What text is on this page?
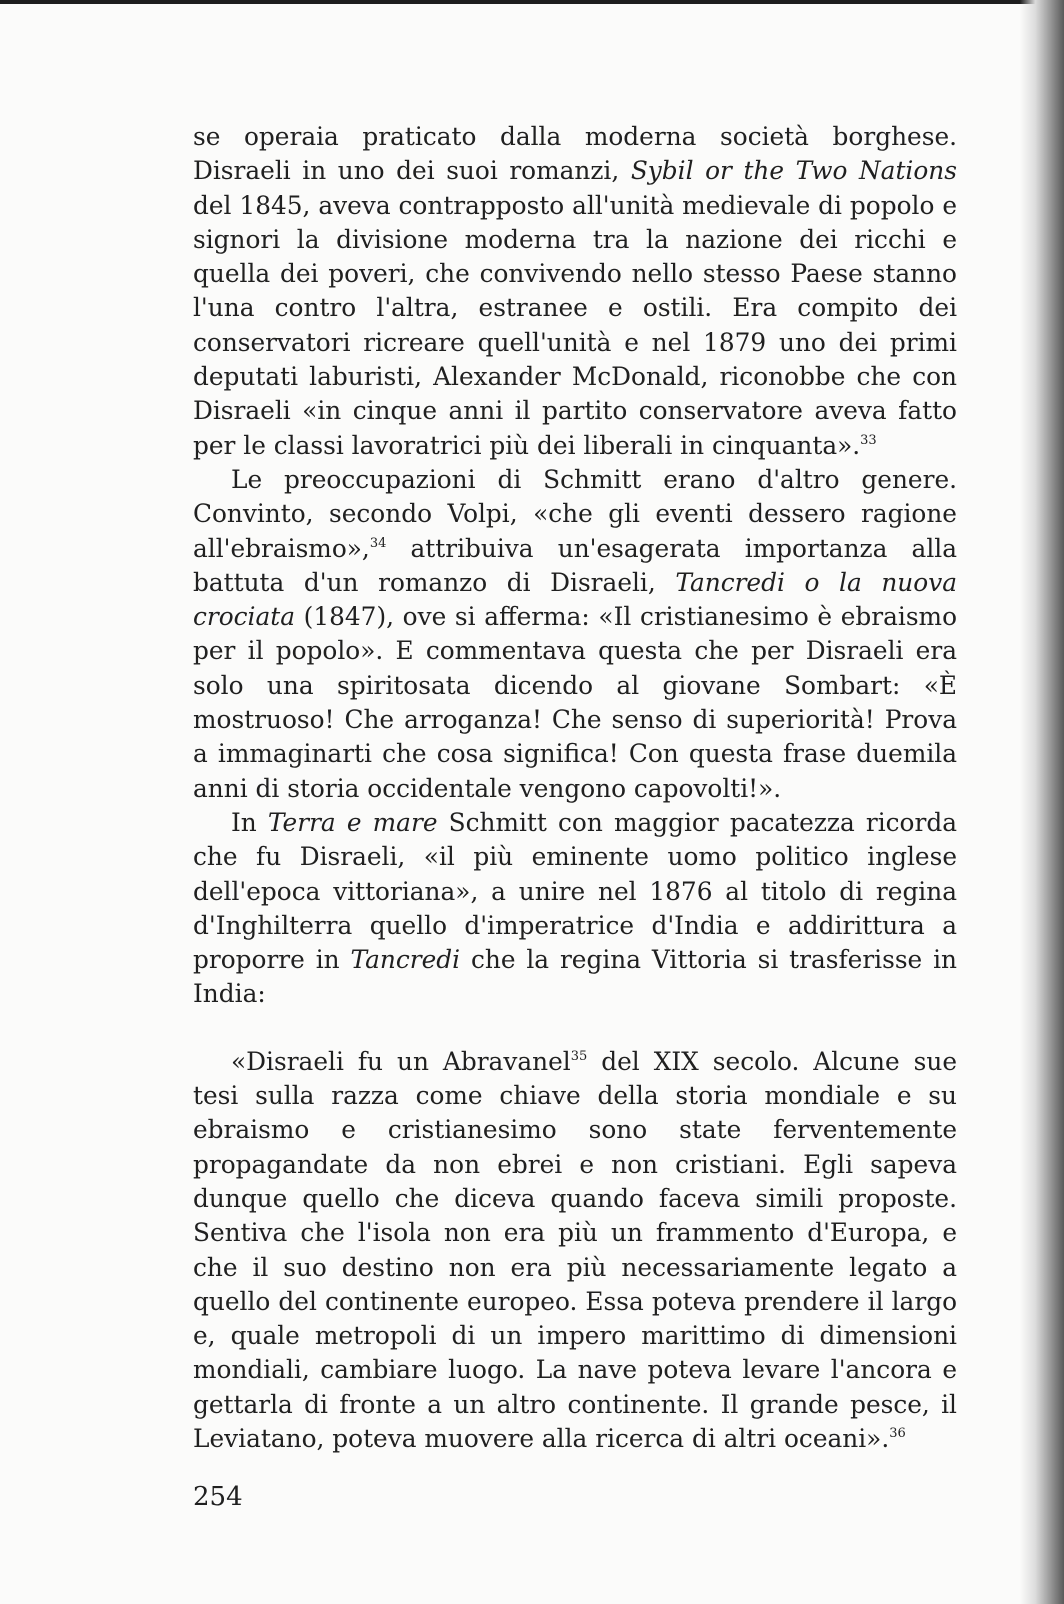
se operaia praticato dalla moderna società borghese. Disraeli in uno dei suoi romanzi, Sybil or the Two Nations del 1845, aveva contrapposto all'unità medievale di popolo e signori la divisione moderna tra la nazione dei ricchi e quella dei poveri, che convivendo nello stesso Paese stanno l'una contro l'altra, estranee e ostili. Era compito dei conservatori ricreare quell'unità e nel 1879 uno dei primi deputati laburisti, Alexander McDonald, riconobbe che con Disraeli «in cinque anni il partito conservatore aveva fatto per le classi lavoratrici più dei liberali in cinquanta».$^{33}$

Le preoccupazioni di Schmitt erano d'altro genere. Convinto, secondo Volpi, «che gli eventi dessero ragione all'ebraismo»,$^{34}$ attribuiva un'esagerata importanza alla battuta d'un romanzo di Disraeli, Tancredi o la nuova crociata (1847), ove si afferma: «Il cristianesimo è ebraismo per il popolo». E commentava questa che per Disraeli era solo una spiritosata dicendo al giovane Sombart: «È mostruoso! Che arroganza! Che senso di superiorità! Prova a immaginarti che cosa significa! Con questa frase duemila anni di storia occidentale vengono capovolti!».

In Terra e mare Schmitt con maggior pacatezza ricorda che fu Disraeli, «il più eminente uomo politico inglese dell'epoca vittoriana», a unire nel 1876 al titolo di regina d'Inghilterra quello d'imperatrice d'India e addirittura a proporre in Tancredi che la regina Vittoria si trasferisse in India:

«Disraeli fu un Abravanel$^{35}$ del XIX secolo. Alcune sue tesi sulla razza come chiave della storia mondiale e su ebraismo e cristianesimo sono state ferventemente propagandate da non ebrei e non cristiani. Egli sapeva dunque quello che diceva quando faceva simili proposte. Sentiva che l'isola non era più un frammento d'Europa, e che il suo destino non era più necessariamente legato a quello del continente europeo. Essa poteva prendere il largo e, quale metropoli di un impero marittimo di dimensioni mondiali, cambiare luogo. La nave poteva levare l'ancora e gettarla di fronte a un altro continente. Il grande pesce, il Leviatano, poteva muovere alla ricerca di altri oceani».$^{36}$

254
